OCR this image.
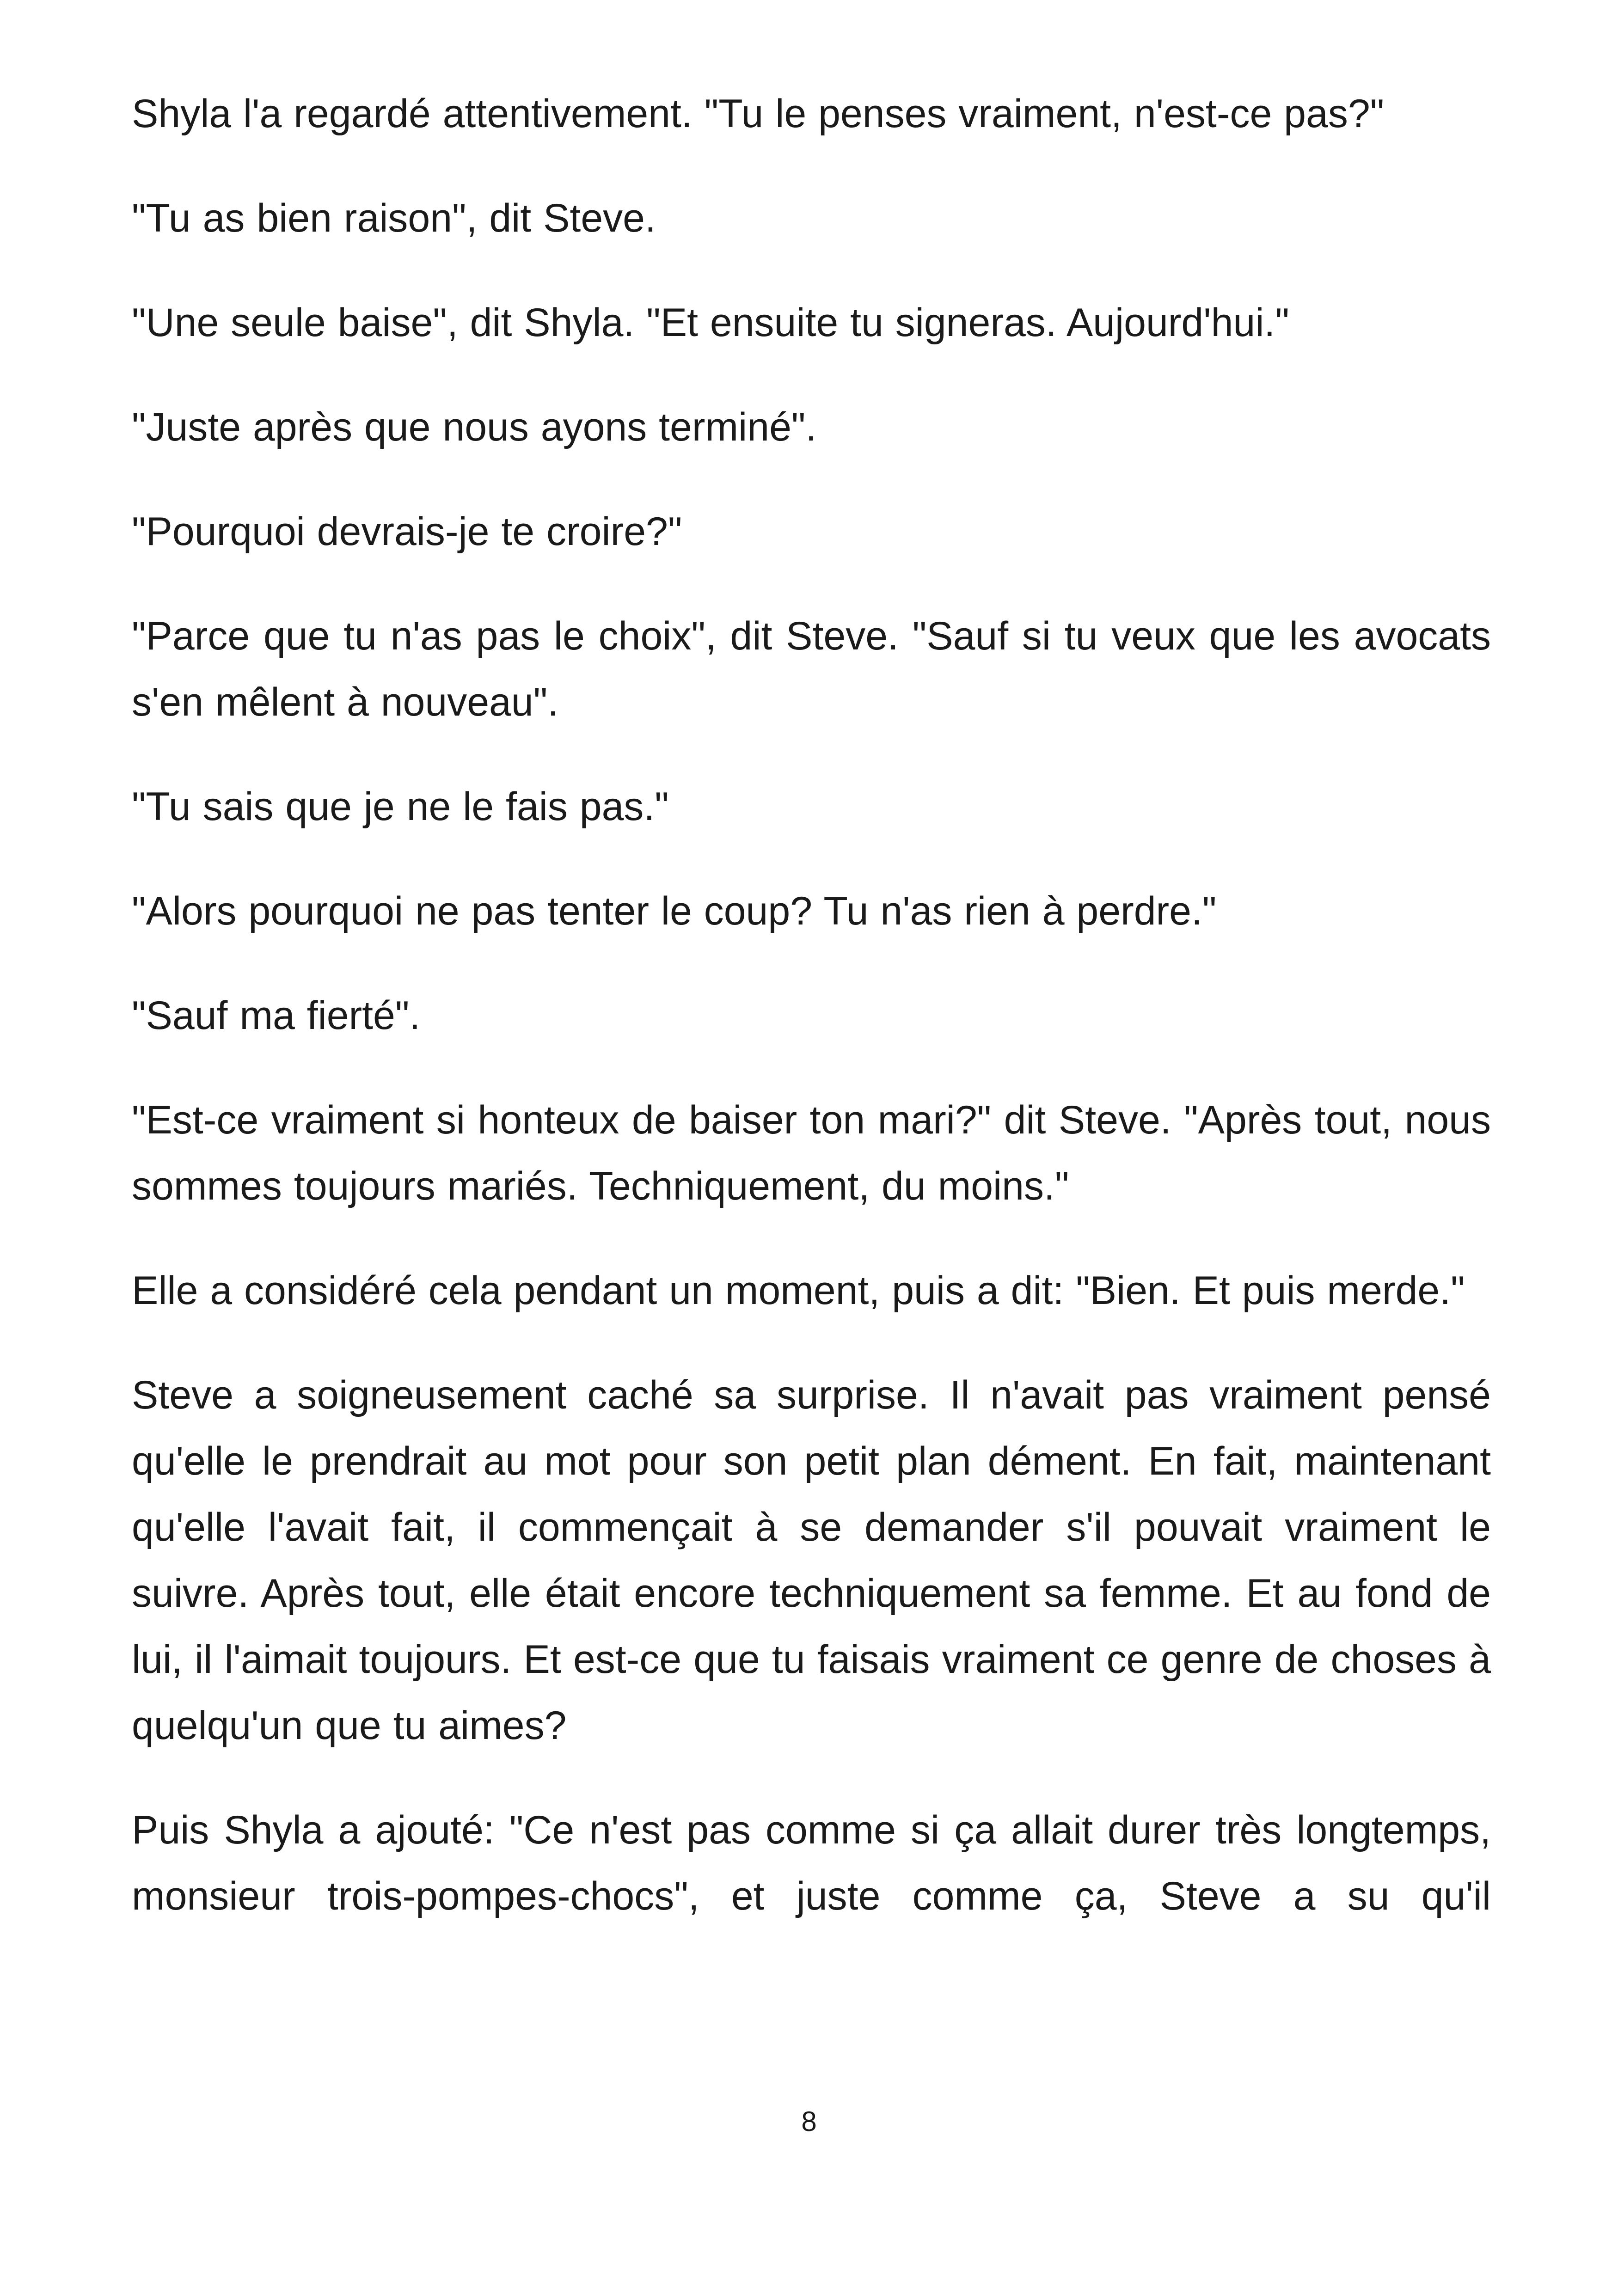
Shyla l'a regardé attentivement. "Tu le penses vraiment, n'est-ce pas?"

"Tu as bien raison", dit Steve.

"Une seule baise", dit Shyla. "Et ensuite tu signeras. Aujourd'hui."

"Juste après que nous ayons terminé".

"Pourquoi devrais-je te croire?"

"Parce que tu n'as pas le choix", dit Steve. "Sauf si tu veux que les avocats s'en mêlent à nouveau".

"Tu sais que je ne le fais pas."

"Alors pourquoi ne pas tenter le coup? Tu n'as rien à perdre."

"Sauf ma fierté".

"Est-ce vraiment si honteux de baiser ton mari?" dit Steve. "Après tout, nous sommes toujours mariés. Techniquement, du moins."

Elle a considéré cela pendant un moment, puis a dit: "Bien. Et puis merde."

Steve a soigneusement caché sa surprise. Il n'avait pas vraiment pensé qu'elle le prendrait au mot pour son petit plan dément. En fait, maintenant qu'elle l'avait fait, il commençait à se demander s'il pouvait vraiment le suivre. Après tout, elle était encore techniquement sa femme. Et au fond de lui, il l'aimait toujours. Et est-ce que tu faisais vraiment ce genre de choses à quelqu'un que tu aimes?

Puis Shyla a ajouté: "Ce n'est pas comme si ça allait durer très longtemps, monsieur trois-pompes-chocs", et juste comme ça, Steve a su qu'il

8
